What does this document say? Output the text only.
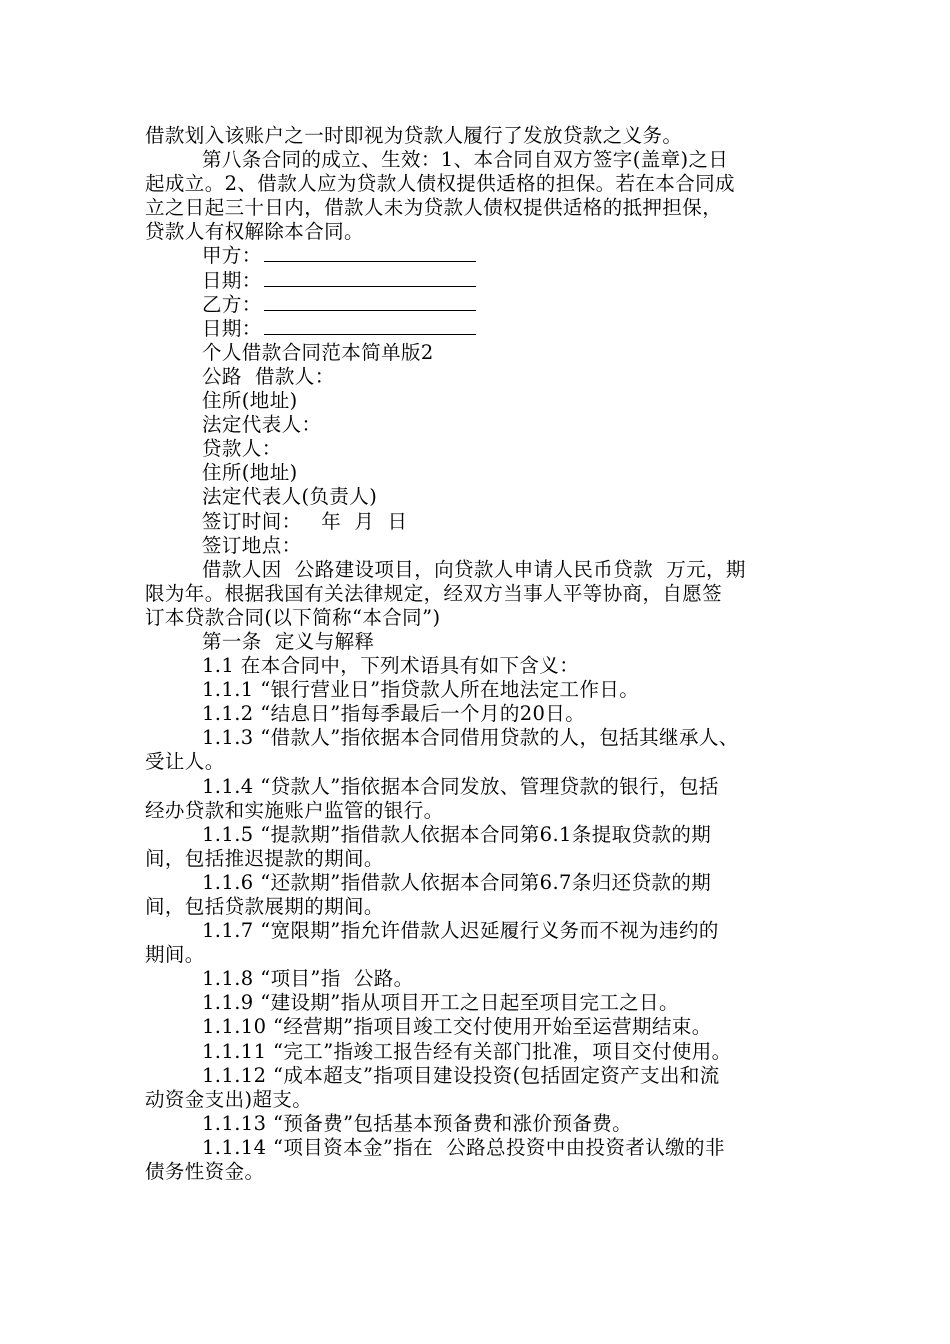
借款划入该账户之一时即视为贷款人履行了发放贷款之义务。
第八条合同的成立、生效：1、本合同自双方签字(盖章)之日
起成立。2、借款人应为贷款人债权提供适格的担保。若在本合同成
立之日起三十日内，借款人未为贷款人债权提供适格的抵押担保，
贷款人有权解除本合同。
甲方：
日期：
乙方：
日期：
个人借款合同范本简单版2
公路  借款人：
住所(地址)
法定代表人：
贷款人：
住所(地址)
法定代表人(负责人)
签订时间：   年  月  日
签订地点：
借款人因  公路建设项目，向贷款人申请人民币贷款  万元，期
限为年。根据我国有关法律规定，经双方当事人平等协商，自愿签
订本贷款合同(以下简称“本合同”)
第一条  定义与解释
1.1 在本合同中，下列术语具有如下含义：
1.1.1 “银行营业日”指贷款人所在地法定工作日。
1.1.2 “结息日”指每季最后一个月的20日。
1.1.3 “借款人”指依据本合同借用贷款的人，包括其继承人、
受让人。
1.1.4 “贷款人”指依据本合同发放、管理贷款的银行，包括
经办贷款和实施账户监管的银行。
1.1.5 “提款期”指借款人依据本合同第6.1条提取贷款的期
间，包括推迟提款的期间。
1.1.6 “还款期”指借款人依据本合同第6.7条归还贷款的期
间，包括贷款展期的期间。
1.1.7 “宽限期”指允许借款人迟延履行义务而不视为违约的
期间。
1.1.8 “项目”指  公路。
1.1.9 “建设期”指从项目开工之日起至项目完工之日。
1.1.10 “经营期”指项目竣工交付使用开始至运营期结束。
1.1.11 “完工”指竣工报告经有关部门批准，项目交付使用。
1.1.12 “成本超支”指项目建设投资(包括固定资产支出和流
动资金支出)超支。
1.1.13 “预备费”包括基本预备费和涨价预备费。
1.1.14 “项目资本金”指在  公路总投资中由投资者认缴的非
债务性资金。
